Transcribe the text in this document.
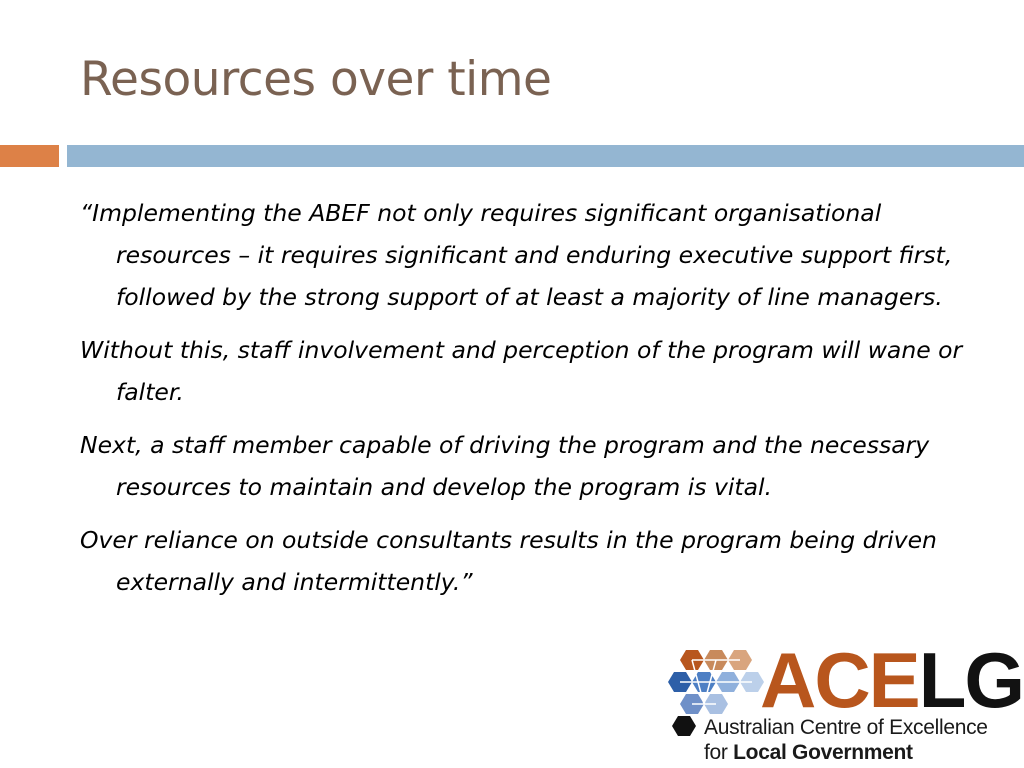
Resources over time

“Implementing the ABEF not only requires significant organisational resources – it requires significant and enduring executive support first, followed by the strong support of at least a majority of line managers.

Without this, staff involvement and perception of the program will wane or falter.

Next, a staff member capable of driving the program and the necessary resources to maintain and develop the program is vital.

Over reliance on outside consultants results in the program being driven externally and intermittently.”

ACELG
Australian Centre of Excellence
for Local Government
